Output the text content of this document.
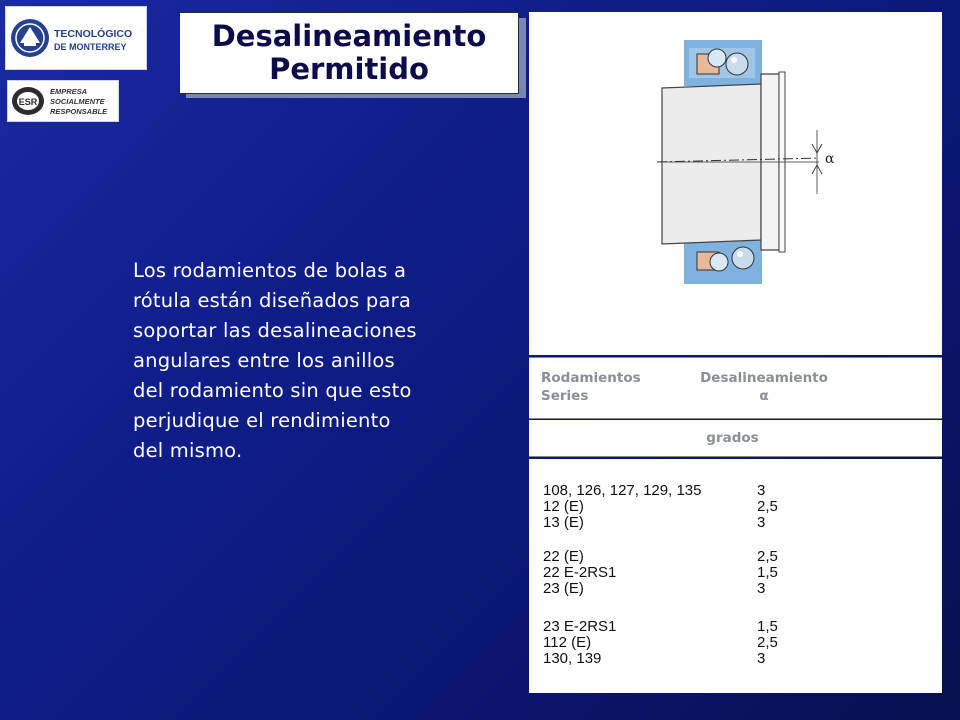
TECNOLÓGICO
DE MONTERREY
ESR
EMPRESA
SOCIALMENTE
RESPONSABLE
Desalineamiento
Permitido
Los rodamientos de bolas a
rótula están diseñados para
soportar las desalineaciones
angulares entre los anillos
del rodamiento sin que esto
perjudique el rendimiento
del mismo.
α
Rodamientos
Series
Desalineamiento
α
grados
108, 126, 127, 129, 135	3
12 (E)	2,5
13 (E)	3
22 (E)	2,5
22 E-2RS1	1,5
23 (E)	3
23 E-2RS1	1,5
112 (E)	2,5
130, 139	3
